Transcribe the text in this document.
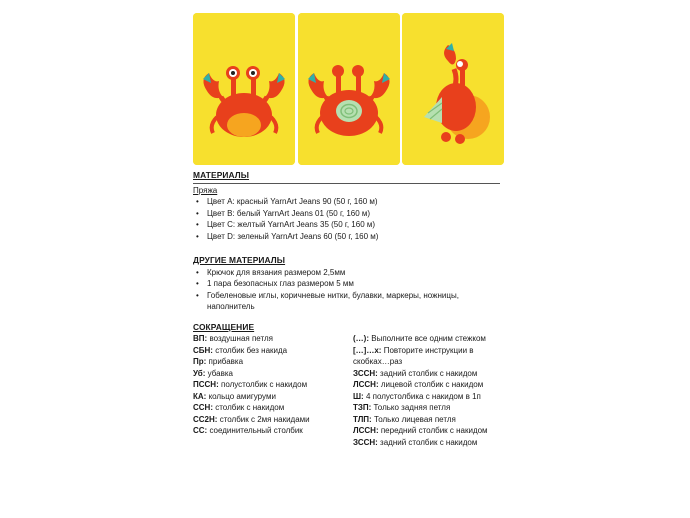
МАТЕРИАЛЫ
Пряжа
• Цвет A: красный YarnArt Jeans 90 (50 г, 160 м)
• Цвет B: белый YarnArt Jeans 01 (50 г, 160 м)
• Цвет C: желтый YarnArt Jeans 35 (50 г, 160 м)
• Цвет D: зеленый YarnArt Jeans 60 (50 г, 160 м)
ДРУГИЕ МАТЕРИАЛЫ
• Крючок для вязания размером 2,5мм
• 1 пара безопасных глаз размером 5 мм
• Гобеленовые иглы, коричневые нитки, булавки, маркеры, ножницы, наполнитель
СОКРАЩЕНИЕ
ВП: воздушная петля
СБН: столбик без накида
Пр: прибавка
Уб: убавка
ПССН: полустолбик с накидом
КА: кольцо амигуруми
ССН: столбик с накидом
СС2Н: столбик с 2мя накидами
СС: соединительный столбик
(…): Выполните все одним стежком
[…]…х: Повторите инструкции в
скобках…раз
ЗССН: задний столбик с накидом
ЛССН: лицевой столбик с накидом
Ш: 4 полустолбика с накидом в 1п
ТЗП: Только задняя петля
ТЛП: Только лицевая петля
ЛССН: передний столбик с накидом
ЗССН: задний столбик с накидом
